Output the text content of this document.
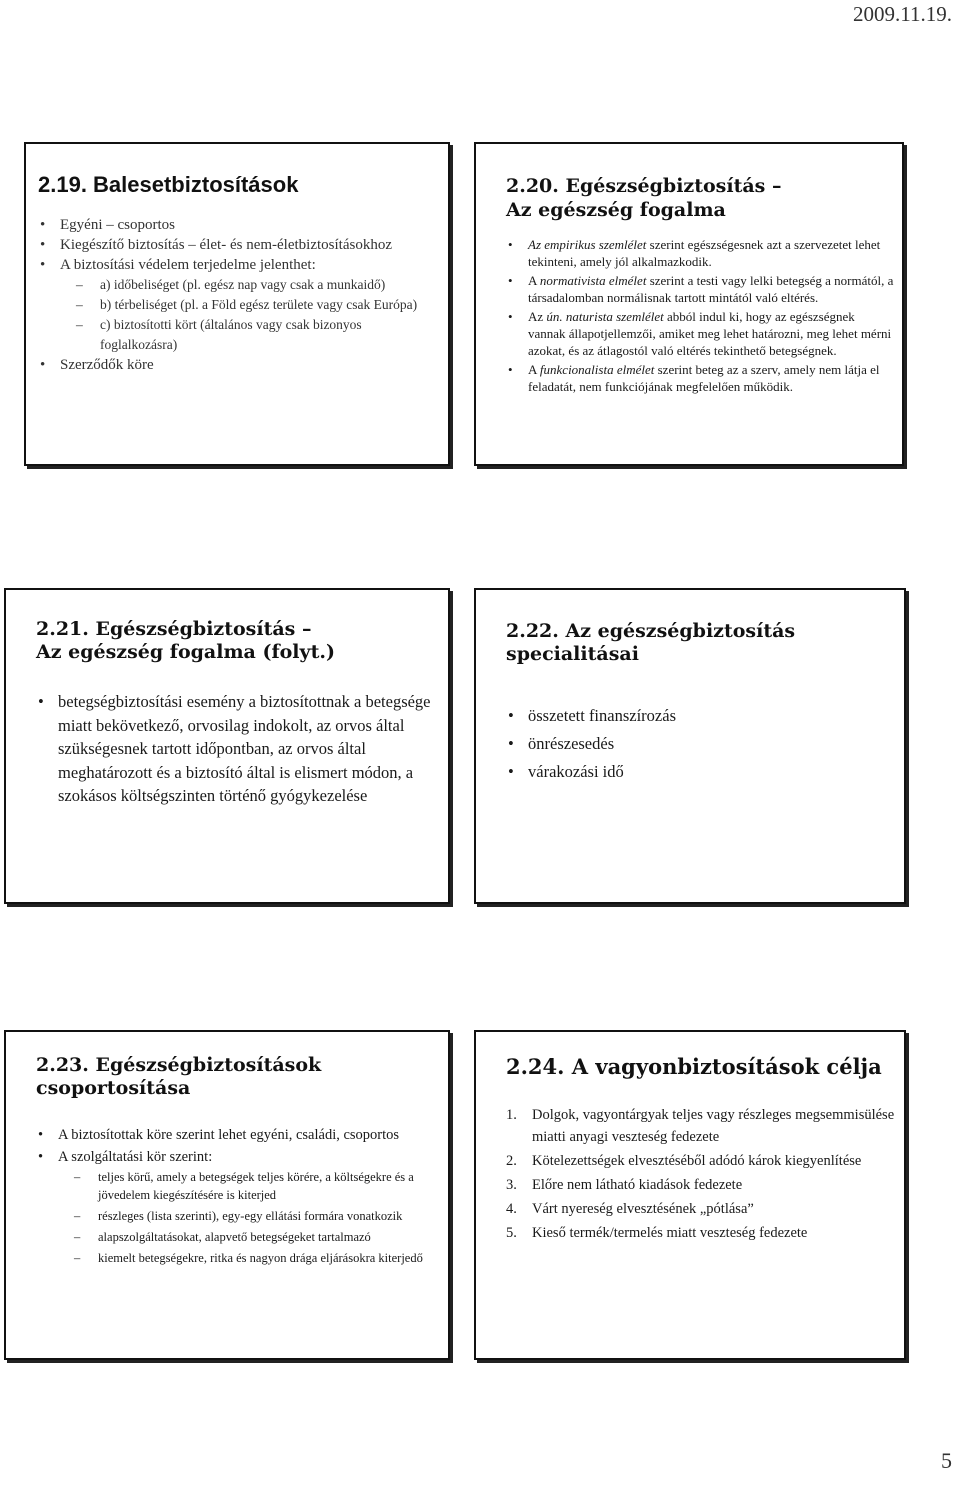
2009.11.19.
2.19. Balesetbiztosítások
• Egyéni – csoportos
• Kiegészítő biztosítás – élet- és nem-életbiztosításokhoz
• A biztosítási védelem terjedelme jelenthet:
– a) időbeliséget (pl. egész nap vagy csak a munkaidő)
– b) térbeliséget (pl. a Föld egész területe vagy csak Európa)
– c) biztosítotti kört (általános vagy csak bizonyos foglalkozásra)
• Szerződők köre
2.20. Egészségbiztosítás –
Az egészség fogalma
• Az empirikus szemlélet szerint egészségesnek azt a szervezetet lehet tekinteni, amely jól alkalmazkodik.
• A normativista elmélet szerint a testi vagy lelki betegség a normától, a társadalomban normálisnak tartott mintától való eltérés.
• Az ún. naturista szemlélet abból indul ki, hogy az egészségnek vannak állapotjellemzői, amiket meg lehet határozni, meg lehet mérni azokat, és az átlagostól való eltérés tekinthető betegségnek.
• A funkcionalista elmélet szerint beteg az a szerv, amely nem látja el feladatát, nem funkciójának megfelelően működik.
2.21. Egészségbiztosítás –
Az egészség fogalma (folyt.)
• betegségbiztosítási esemény a biztosítottnak a betegsége miatt bekövetkező, orvosilag indokolt, az orvos által szükségesnek tartott időpontban, az orvos által meghatározott és a biztosító által is elismert módon, a szokásos költségszinten történő gyógykezelése
2.22. Az egészségbiztosítás specialitásai
• összetett finanszírozás
• önrészesedés
• várakozási idő
2.23. Egészségbiztosítások csoportosítása
• A biztosítottak köre szerint lehet egyéni, családi, csoportos
• A szolgáltatási kör szerint:
– teljes körű, amely a betegségek teljes körére, a költségekre és a jövedelem kiegészítésére is kiterjed
– részleges (lista szerinti), egy-egy ellátási formára vonatkozik
– alapszolgáltatásokat, alapvető betegségeket tartalmazó
– kiemelt betegségekre, ritka és nagyon drága eljárásokra kiterjedő
2.24. A vagyonbiztosítások célja
1. Dolgok, vagyontárgyak teljes vagy részleges megsemmisülése miatti anyagi veszteség fedezete
2. Kötelezettségek elvesztéséből adódó károk kiegyenlítése
3. Előre nem látható kiadások fedezete
4. Várt nyereség elvesztésének „pótlása”
5. Kieső termék/termelés miatt veszteség fedezete
5
